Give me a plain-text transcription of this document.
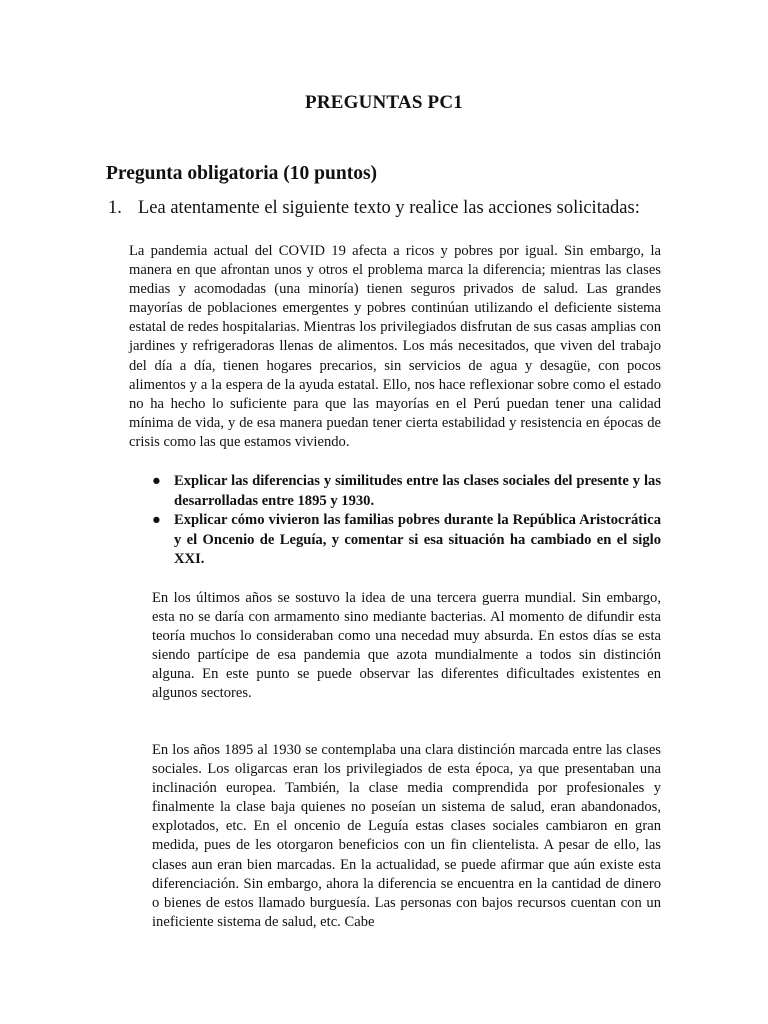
PREGUNTAS PC1
Pregunta obligatoria (10 puntos)
1. Lea atentamente el siguiente texto y realice las acciones solicitadas:

La pandemia actual del COVID 19 afecta a ricos y pobres por igual. Sin embargo, la manera en que afrontan unos y otros el problema marca la diferencia; mientras las clases medias y acomodadas (una minoría) tienen seguros privados de salud. Las grandes mayorías de poblaciones emergentes y pobres continúan utilizando el deficiente sistema estatal de redes hospitalarias. Mientras los privilegiados disfrutan de sus casas amplias con jardines y refrigeradoras llenas de alimentos. Los más necesitados, que viven del trabajo del día a día, tienen hogares precarios, sin servicios de agua y desagüe, con pocos alimentos y a la espera de la ayuda estatal. Ello, nos hace reflexionar sobre como el estado no ha hecho lo suficiente para que las mayorías en el Perú puedan tener una calidad mínima de vida, y de esa manera puedan tener cierta estabilidad y resistencia en épocas de crisis como las que estamos viviendo.

● Explicar las diferencias y similitudes entre las clases sociales del presente y las desarrolladas entre 1895 y 1930.
● Explicar cómo vivieron las familias pobres durante la República Aristocrática y el Oncenio de Leguía, y comentar si esa situación ha cambiado en el siglo XXI.

En los últimos años se sostuvo la idea de una tercera guerra mundial. Sin embargo, esta no se daría con armamento sino mediante bacterias. Al momento de difundir esta teoría muchos lo consideraban como una necedad muy absurda. En estos días se esta siendo partícipe de esa pandemia que azota mundialmente a todos sin distinción alguna. En este punto se puede observar las diferentes dificultades existentes en algunos sectores.

En los años 1895 al 1930 se contemplaba una clara distinción marcada entre las clases sociales. Los oligarcas eran los privilegiados de esta época, ya que presentaban una inclinación europea. También, la clase media comprendida por profesionales y finalmente la clase baja quienes no poseían un sistema de salud, eran abandonados, explotados, etc. En el oncenio de Leguía estas clases sociales cambiaron en gran medida, pues de les otorgaron beneficios con un fin clientelista. A pesar de ello, las clases aun eran bien marcadas. En la actualidad, se puede afirmar que aún existe esta diferenciación. Sin embargo, ahora la diferencia se encuentra en la cantidad de dinero o bienes de estos llamado burguesía. Las personas con bajos recursos cuentan con un ineficiente sistema de salud, etc. Cabe
